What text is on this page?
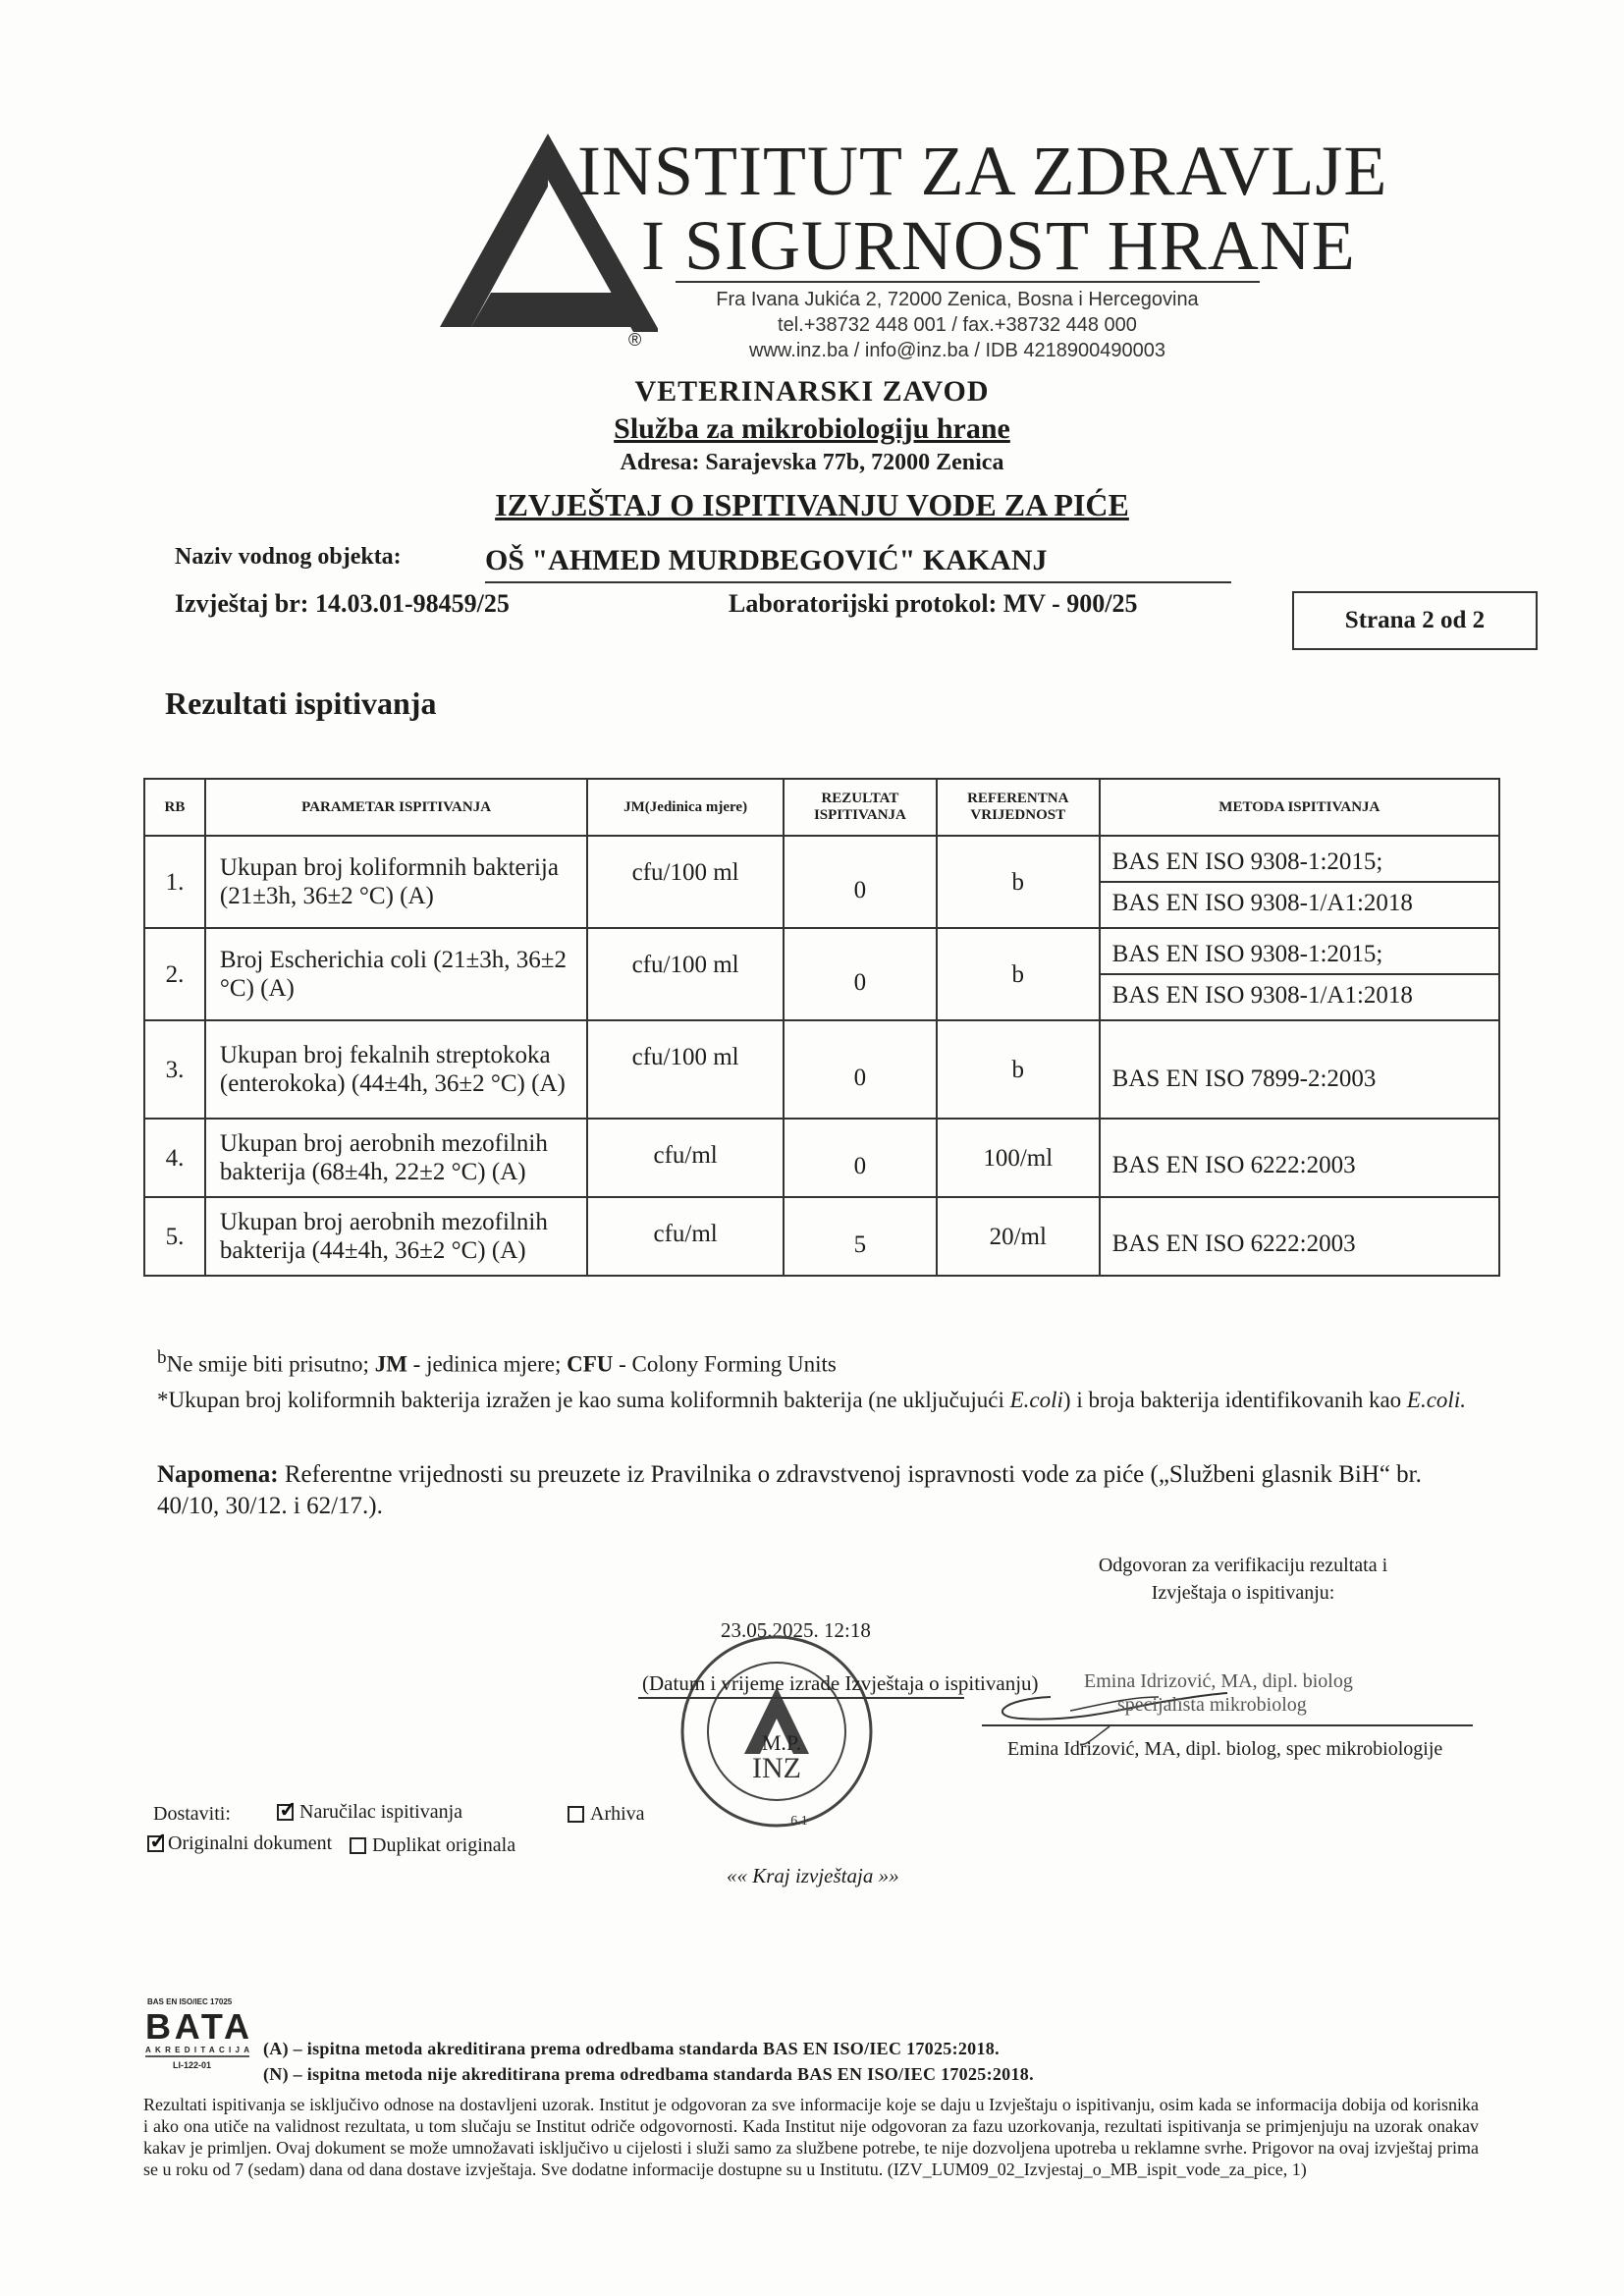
INSTITUT ZA ZDRAVLJE
I SIGURNOST HRANE
Fra Ivana Jukića 2, 72000 Zenica, Bosna i Hercegovina
tel.+38732 448 001 / fax.+38732 448 000
www.inz.ba / info@inz.ba / IDB 4218900490003
®
VETERINARSKI ZAVOD
Služba za mikrobiologiju hrane
Adresa: Sarajevska 77b, 72000 Zenica
IZVJEŠTAJ O ISPITIVANJU VODE ZA PIĆE
Naziv vodnog objekta:	OŠ "AHMED MURDBEGOVIĆ" KAKANJ
Izvještaj br: 14.03.01-98459/25	Laboratorijski protokol: MV - 900/25
Strana 2 od 2
Rezultati ispitivanja
RB	PARAMETAR ISPITIVANJA	JM(Jedinica mjere)	REZULTAT ISPITIVANJA	REFERENTNA VRIJEDNOST	METODA ISPITIVANJA
1.	Ukupan broj koliformnih bakterija (21±3h, 36±2 °C) (A)	cfu/100 ml	0	b	BAS EN ISO 9308-1:2015;
BAS EN ISO 9308-1/A1:2018

2.	Broj Escherichia coli (21±3h, 36±2 °C) (A)	cfu/100 ml	0	b	BAS EN ISO 9308-1:2015;
BAS EN ISO 9308-1/A1:2018

3.	Ukupan broj fekalnih streptokoka (enterokoka) (44±4h, 36±2 °C) (A)	cfu/100 ml	0	b	BAS EN ISO 7899-2:2003

4.	Ukupan broj aerobnih mezofilnih bakterija (68±4h, 22±2 °C) (A)	cfu/ml	0	100/ml	BAS EN ISO 6222:2003

5.	Ukupan broj aerobnih mezofilnih bakterija (44±4h, 36±2 °C) (A)	cfu/ml	5	20/ml	BAS EN ISO 6222:2003
$^b$Ne smije biti prisutno; JM - jedinica mjere; CFU - Colony Forming Units
*Ukupan broj koliformnih bakterija izražen je kao suma koliformnih bakterija (ne uključujući E.coli) i broja bakterija identifikovanih kao E.coli.
Napomena: Referentne vrijednosti su preuzete iz Pravilnika o zdravstvenoj ispravnosti vode za piće („Službeni glasnik BiH“ br. 40/10, 30/12. i 62/17.).
Odgovoran za verifikaciju rezultata i
Izvještaja o ispitivanju:
23.05.2025. 12:18
M.P.
INZ
6.1
(Datum i vrijeme izrade Izvještaja o ispitivanju)	Emina Idrizović, MA, dipl. biolog
specijalista mikrobiolog
Emina Idrizović, MA, dipl. biolog, spec mikrobiologije
Dostaviti: ✓	Naručilac ispitivanja	Arhiva
✓
Originalni dokument Duplikat originala
«« Kraj izvještaja »»
BAS EN ISO/IEC 17025
BATA
AKREDITACIJA
LI-122-01
(A) – ispitna metoda akreditirana prema odredbama standarda BAS EN ISO/IEC 17025:2018.
(N) – ispitna metoda nije akreditirana prema odredbama standarda BAS EN ISO/IEC 17025:2018.
Rezultati ispitivanja se isključivo odnose na dostavljeni uzorak. Institut je odgovoran za sve informacije koje se daju u Izvještaju o ispitivanju, osim kada se informacija dobija od korisnika i ako ona utiče na validnost rezultata, u tom slučaju se Institut odriče odgovornosti. Kada Institut nije odgovoran za fazu uzorkovanja, rezultati ispitivanja se primjenjuju na uzorak onakav kakav je primljen. Ovaj dokument se može umnožavati isključivo u cijelosti i služi samo za službene potrebe, te nije dozvoljena upotreba u reklamne svrhe. Prigovor na ovaj izvještaj prima se u roku od 7 (sedam) dana od dana dostave izvještaja. Sve dodatne informacije dostupne su u Institutu. (IZV_LUM09_02_Izvjestaj_o_MB_ispit_vode_za_pice, 1)
